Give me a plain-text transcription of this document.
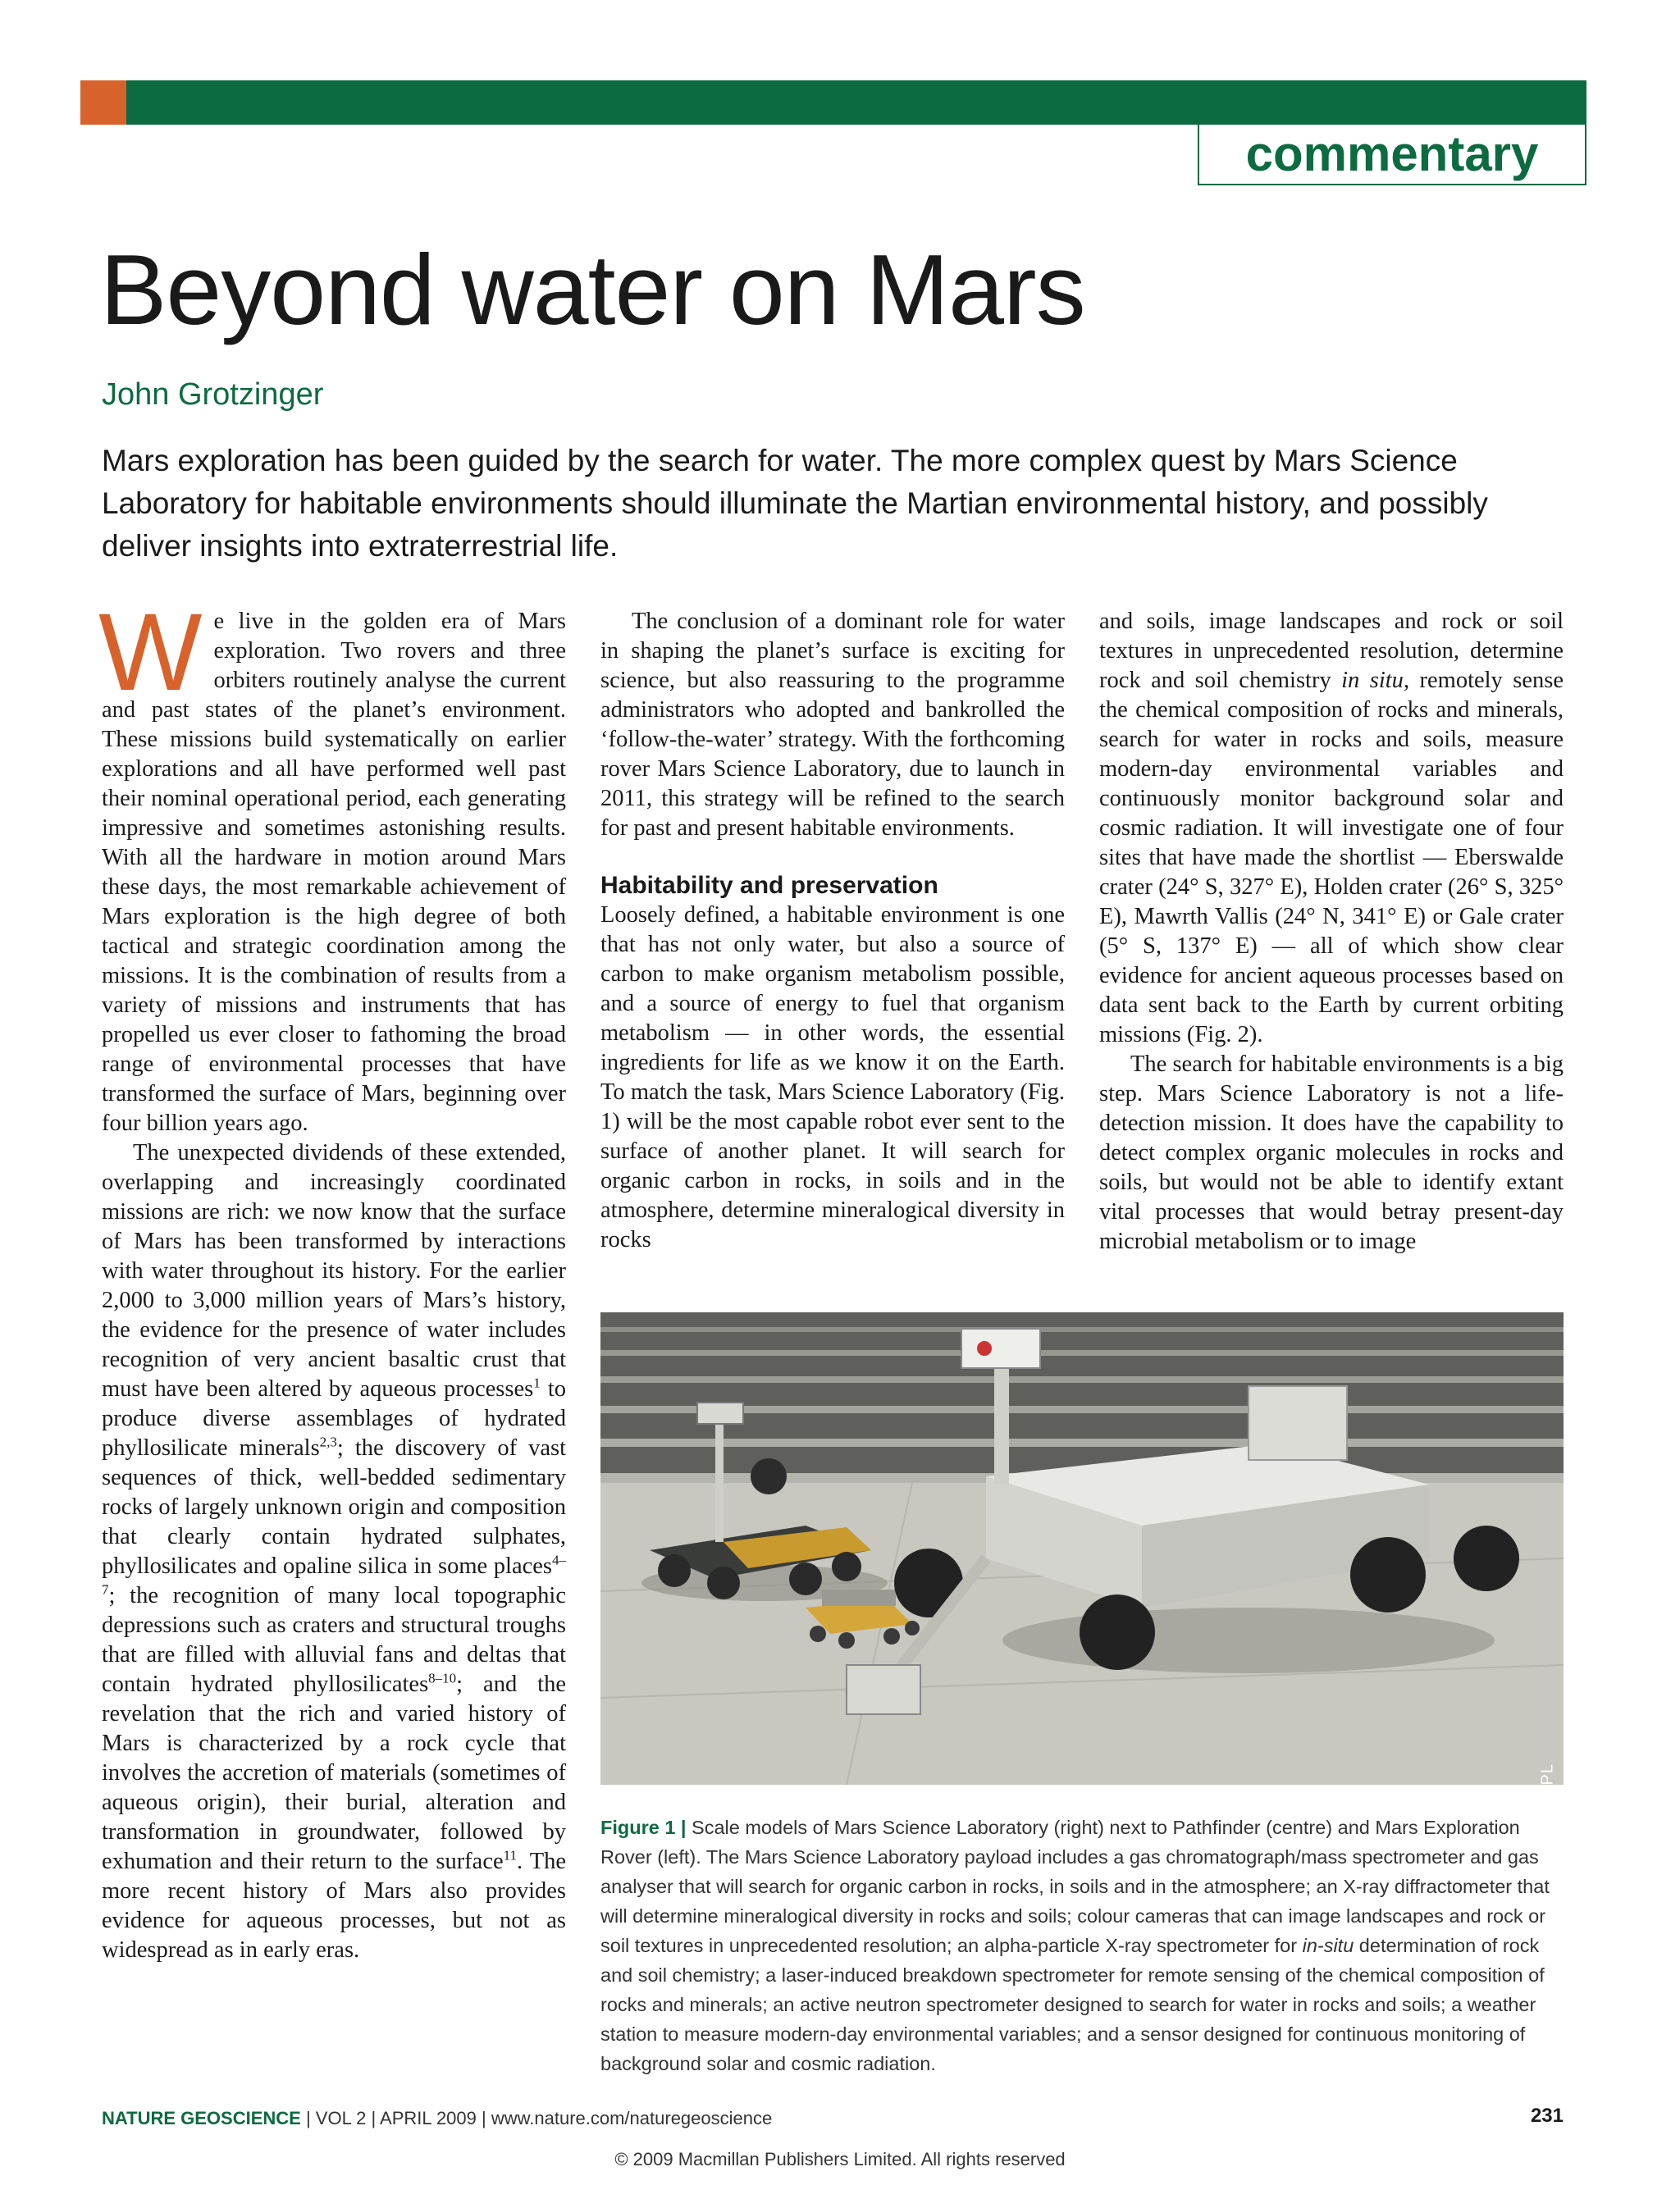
commentary
Beyond water on Mars
John Grotzinger
Mars exploration has been guided by the search for water. The more complex quest by Mars Science Laboratory for habitable environments should illuminate the Martian environmental history, and possibly deliver insights into extraterrestrial life.

We live in the golden era of Mars exploration. Two rovers and three orbiters routinely analyse the current and past states of the planet’s environment. These missions build systematically on earlier explorations and all have performed well past their nominal operational period, each generating impressive and sometimes astonishing results. With all the hardware in motion around Mars these days, the most remarkable achievement of Mars exploration is the high degree of both tactical and strategic coordination among the missions. It is the combination of results from a variety of missions and instruments that has propelled us ever closer to fathoming the broad range of environmental processes that have transformed the surface of Mars, beginning over four billion years ago.

The unexpected dividends of these extended, overlapping and increasingly coordinated missions are rich: we now know that the surface of Mars has been transformed by interactions with water throughout its history. For the earlier 2,000 to 3,000 million years of Mars’s history, the evidence for the presence of water includes recognition of very ancient basaltic crust that must have been altered by aqueous processes$^1$ to produce diverse assemblages of hydrated phyllosilicate minerals$^{2,3}$; the discovery of vast sequences of thick, well-bedded sedimentary rocks of largely unknown origin and composition that clearly contain hydrated sulphates, phyllosilicates and opaline silica in some places$^{4-7}$; the recognition of many local topographic depressions such as craters and structural troughs that are filled with alluvial fans and deltas that contain hydrated phyllosilicates$^{8-10}$; and the revelation that the rich and varied history of Mars is characterized by a rock cycle that involves the accretion of materials (sometimes of aqueous origin), their burial, alteration and transformation in groundwater, followed by exhumation and their return to the surface$^{11}$. The more recent history of Mars also provides evidence for aqueous processes, but not as widespread as in early eras.

The conclusion of a dominant role for water in shaping the planet’s surface is exciting for science, but also reassuring to the programme administrators who adopted and bankrolled the ‘follow-the-water’ strategy. With the forthcoming rover Mars Science Laboratory, due to launch in 2011, this strategy will be refined to the search for past and present habitable environments.

Habitability and preservation

Loosely defined, a habitable environment is one that has not only water, but also a source of carbon to make organism metabolism possible, and a source of energy to fuel that organism metabolism — in other words, the essential ingredients for life as we know it on the Earth. To match the task, Mars Science Laboratory (Fig. 1) will be the most capable robot ever sent to the surface of another planet. It will search for organic carbon in rocks, in soils and in the atmosphere, determine mineralogical diversity in rocks

and soils, image landscapes and rock or soil textures in unprecedented resolution, determine rock and soil chemistry in situ, remotely sense the chemical composition of rocks and minerals, search for water in rocks and soils, measure modern-day environmental variables and continuously monitor background solar and cosmic radiation. It will investigate one of four sites that have made the shortlist — Eberswalde crater (24° S, 327° E), Holden crater (26° S, 325° E), Mawrth Vallis (24° N, 341° E) or Gale crater (5° S, 137° E) — all of which show clear evidence for ancient aqueous processes based on data sent back to the Earth by current orbiting missions (Fig. 2).

The search for habitable environments is a big step. Mars Science Laboratory is not a life-detection mission. It does have the capability to detect complex organic molecules in rocks and soils, but would not be able to identify extant vital processes that would betray present-day microbial metabolism or to image

NASA/JPL
Figure 1 | Scale models of Mars Science Laboratory (right) next to Pathfinder (centre) and Mars Exploration Rover (left). The Mars Science Laboratory payload includes a gas chromatograph/mass spectrometer and gas analyser that will search for organic carbon in rocks, in soils and in the atmosphere; an X-ray diffractometer that will determine mineralogical diversity in rocks and soils; colour cameras that can image landscapes and rock or soil textures in unprecedented resolution; an alpha-particle X-ray spectrometer for in-situ determination of rock and soil chemistry; a laser-induced breakdown spectrometer for remote sensing of the chemical composition of rocks and minerals; an active neutron spectrometer designed to search for water in rocks and soils; a weather station to measure modern-day environmental variables; and a sensor designed for continuous monitoring of background solar and cosmic radiation.
NATURE GEOSCIENCE | VOL 2 | APRIL 2009 | www.nature.com/naturegeoscience	231
© 2009 Macmillan Publishers Limited. All rights reserved
